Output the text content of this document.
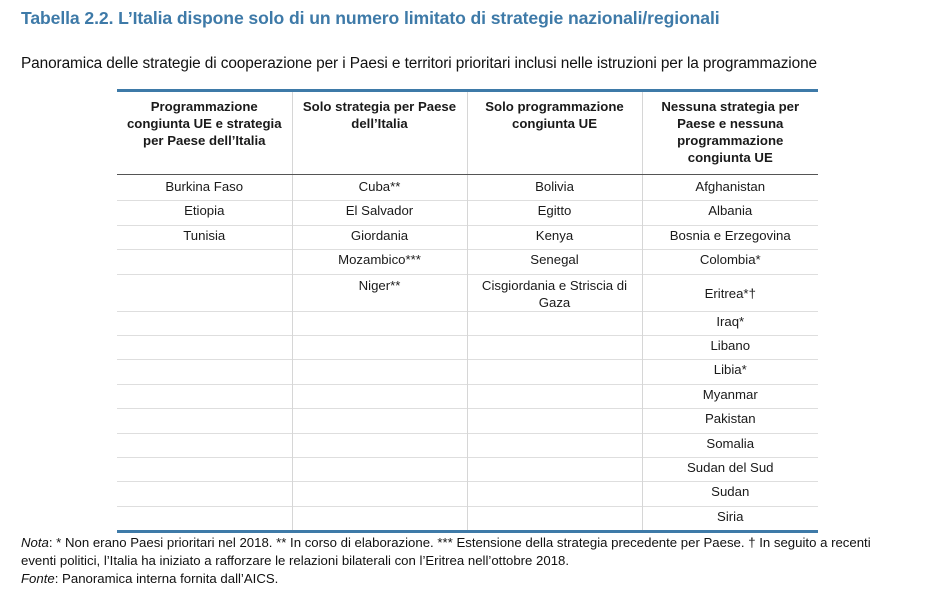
Tabella 2.2. L’Italia dispone solo di un numero limitato di strategie nazionali/regionali
Panoramica delle strategie di cooperazione per i Paesi e territori prioritari inclusi nelle istruzioni per la programmazione
Programmazione congiunta UE e strategia per Paese dell’Italia	Solo strategia per Paese dell’Italia	Solo programmazione congiunta UE	Nessuna strategia per Paese e nessuna programmazione congiunta UE
Burkina Faso	Cuba**	Bolivia	Afghanistan
Etiopia	El Salvador	Egitto	Albania
Tunisia	Giordania	Kenya	Bosnia e Erzegovina
	Mozambico***	Senegal	Colombia*
	Niger**	Cisgiordania e Striscia di Gaza	Eritrea*†
			Iraq*
			Libano
			Libia*
			Myanmar
			Pakistan
			Somalia
			Sudan del Sud
			Sudan
			Siria

Nota: * Non erano Paesi prioritari nel 2018. ** In corso di elaborazione. *** Estensione della strategia precedente per Paese. † In seguito a recenti eventi politici, l’Italia ha iniziato a rafforzare le relazioni bilaterali con l’Eritrea nell’ottobre 2018.

Fonte: Panoramica interna fornita dall’AICS.
